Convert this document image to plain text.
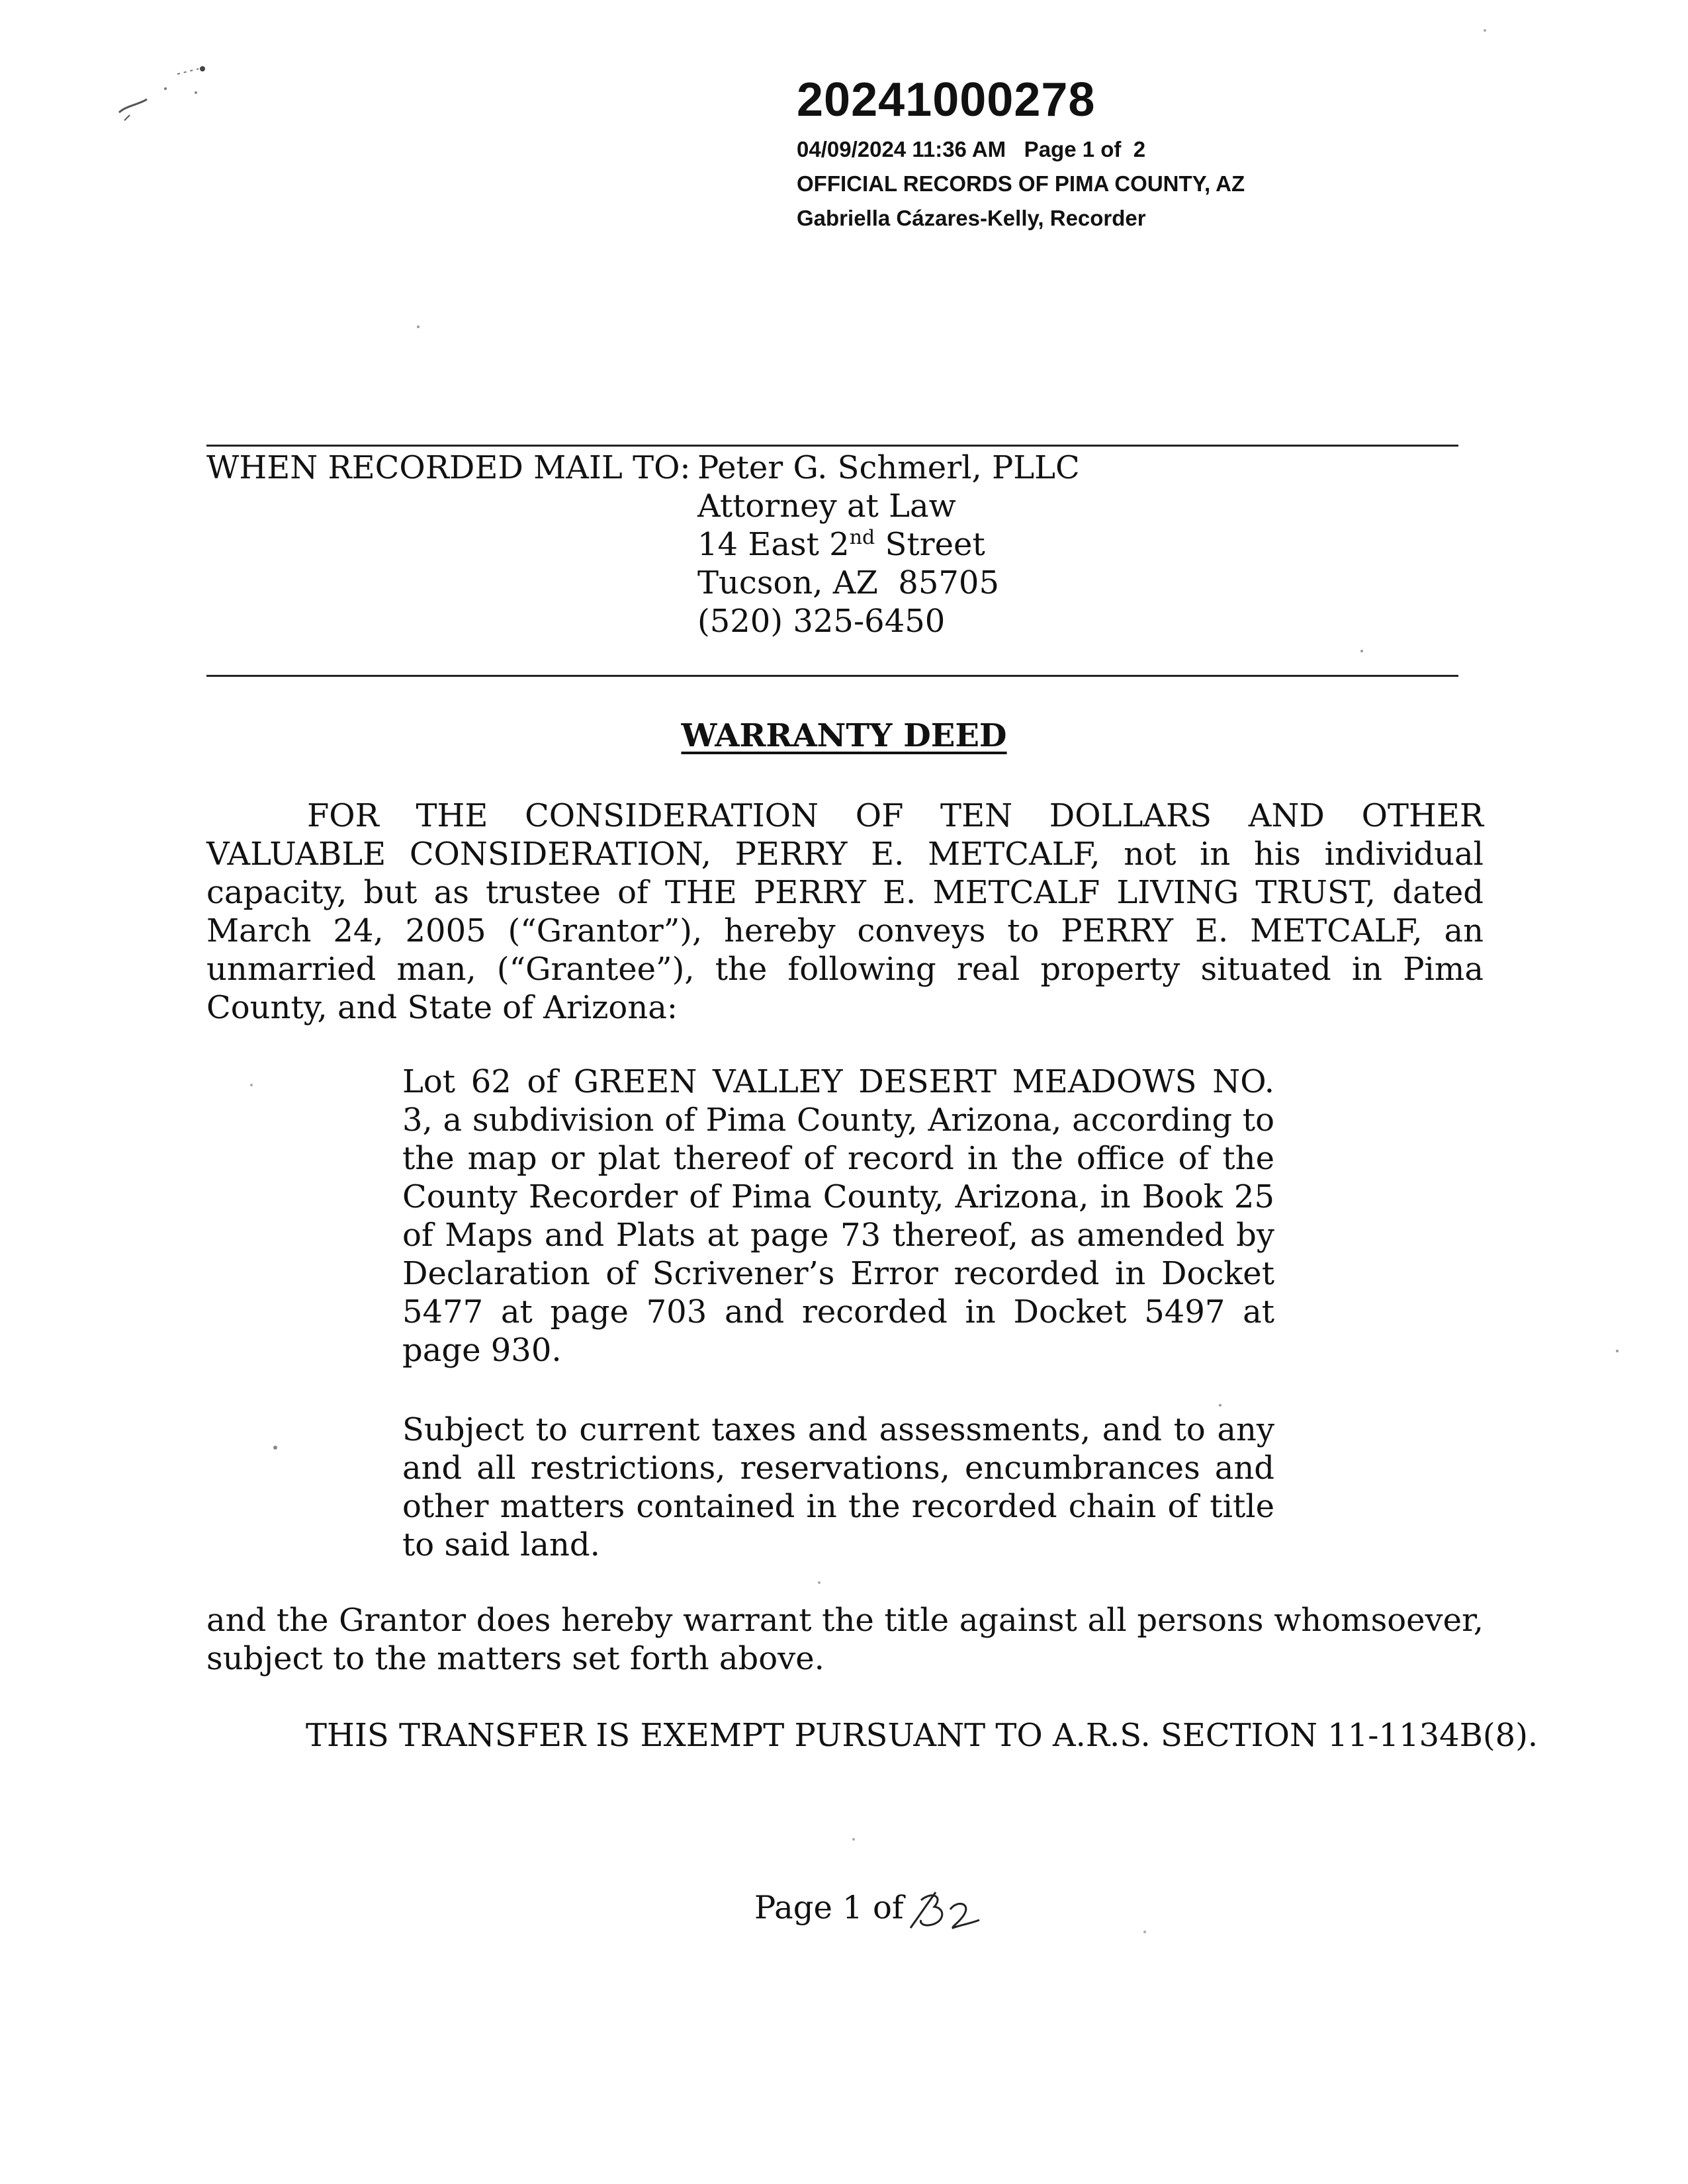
20241000278
04/09/2024 11:36 AM   Page 1 of  2
OFFICIAL RECORDS OF PIMA COUNTY, AZ
Gabriella Cázares-Kelly, Recorder
WHEN RECORDED MAIL TO: Peter G. Schmerl, PLLC
Attorney at Law
14 East 2nd Street
Tucson, AZ  85705
(520) 325-6450
WARRANTY DEED
FOR THE CONSIDERATION OF TEN DOLLARS AND OTHER VALUABLE CONSIDERATION, PERRY E. METCALF, not in his individual capacity, but as trustee of THE PERRY E. METCALF LIVING TRUST, dated March 24, 2005 (“Grantor”), hereby conveys to PERRY E. METCALF, an unmarried man, (“Grantee”), the following real property situated in Pima County, and State of Arizona:
Lot 62 of GREEN VALLEY DESERT MEADOWS NO. 3, a subdivision of Pima County, Arizona, according to the map or plat thereof of record in the office of the County Recorder of Pima County, Arizona, in Book 25 of Maps and Plats at page 73 thereof, as amended by Declaration of Scrivener’s Error recorded in Docket 5477 at page 703 and recorded in Docket 5497 at page 930.
Subject to current taxes and assessments, and to any and all restrictions, reservations, encumbrances and other matters contained in the recorded chain of title to said land.
and the Grantor does hereby warrant the title against all persons whomsoever, subject to the matters set forth above.
THIS TRANSFER IS EXEMPT PURSUANT TO A.R.S. SECTION 11-1134B(8).
Page 1 of
